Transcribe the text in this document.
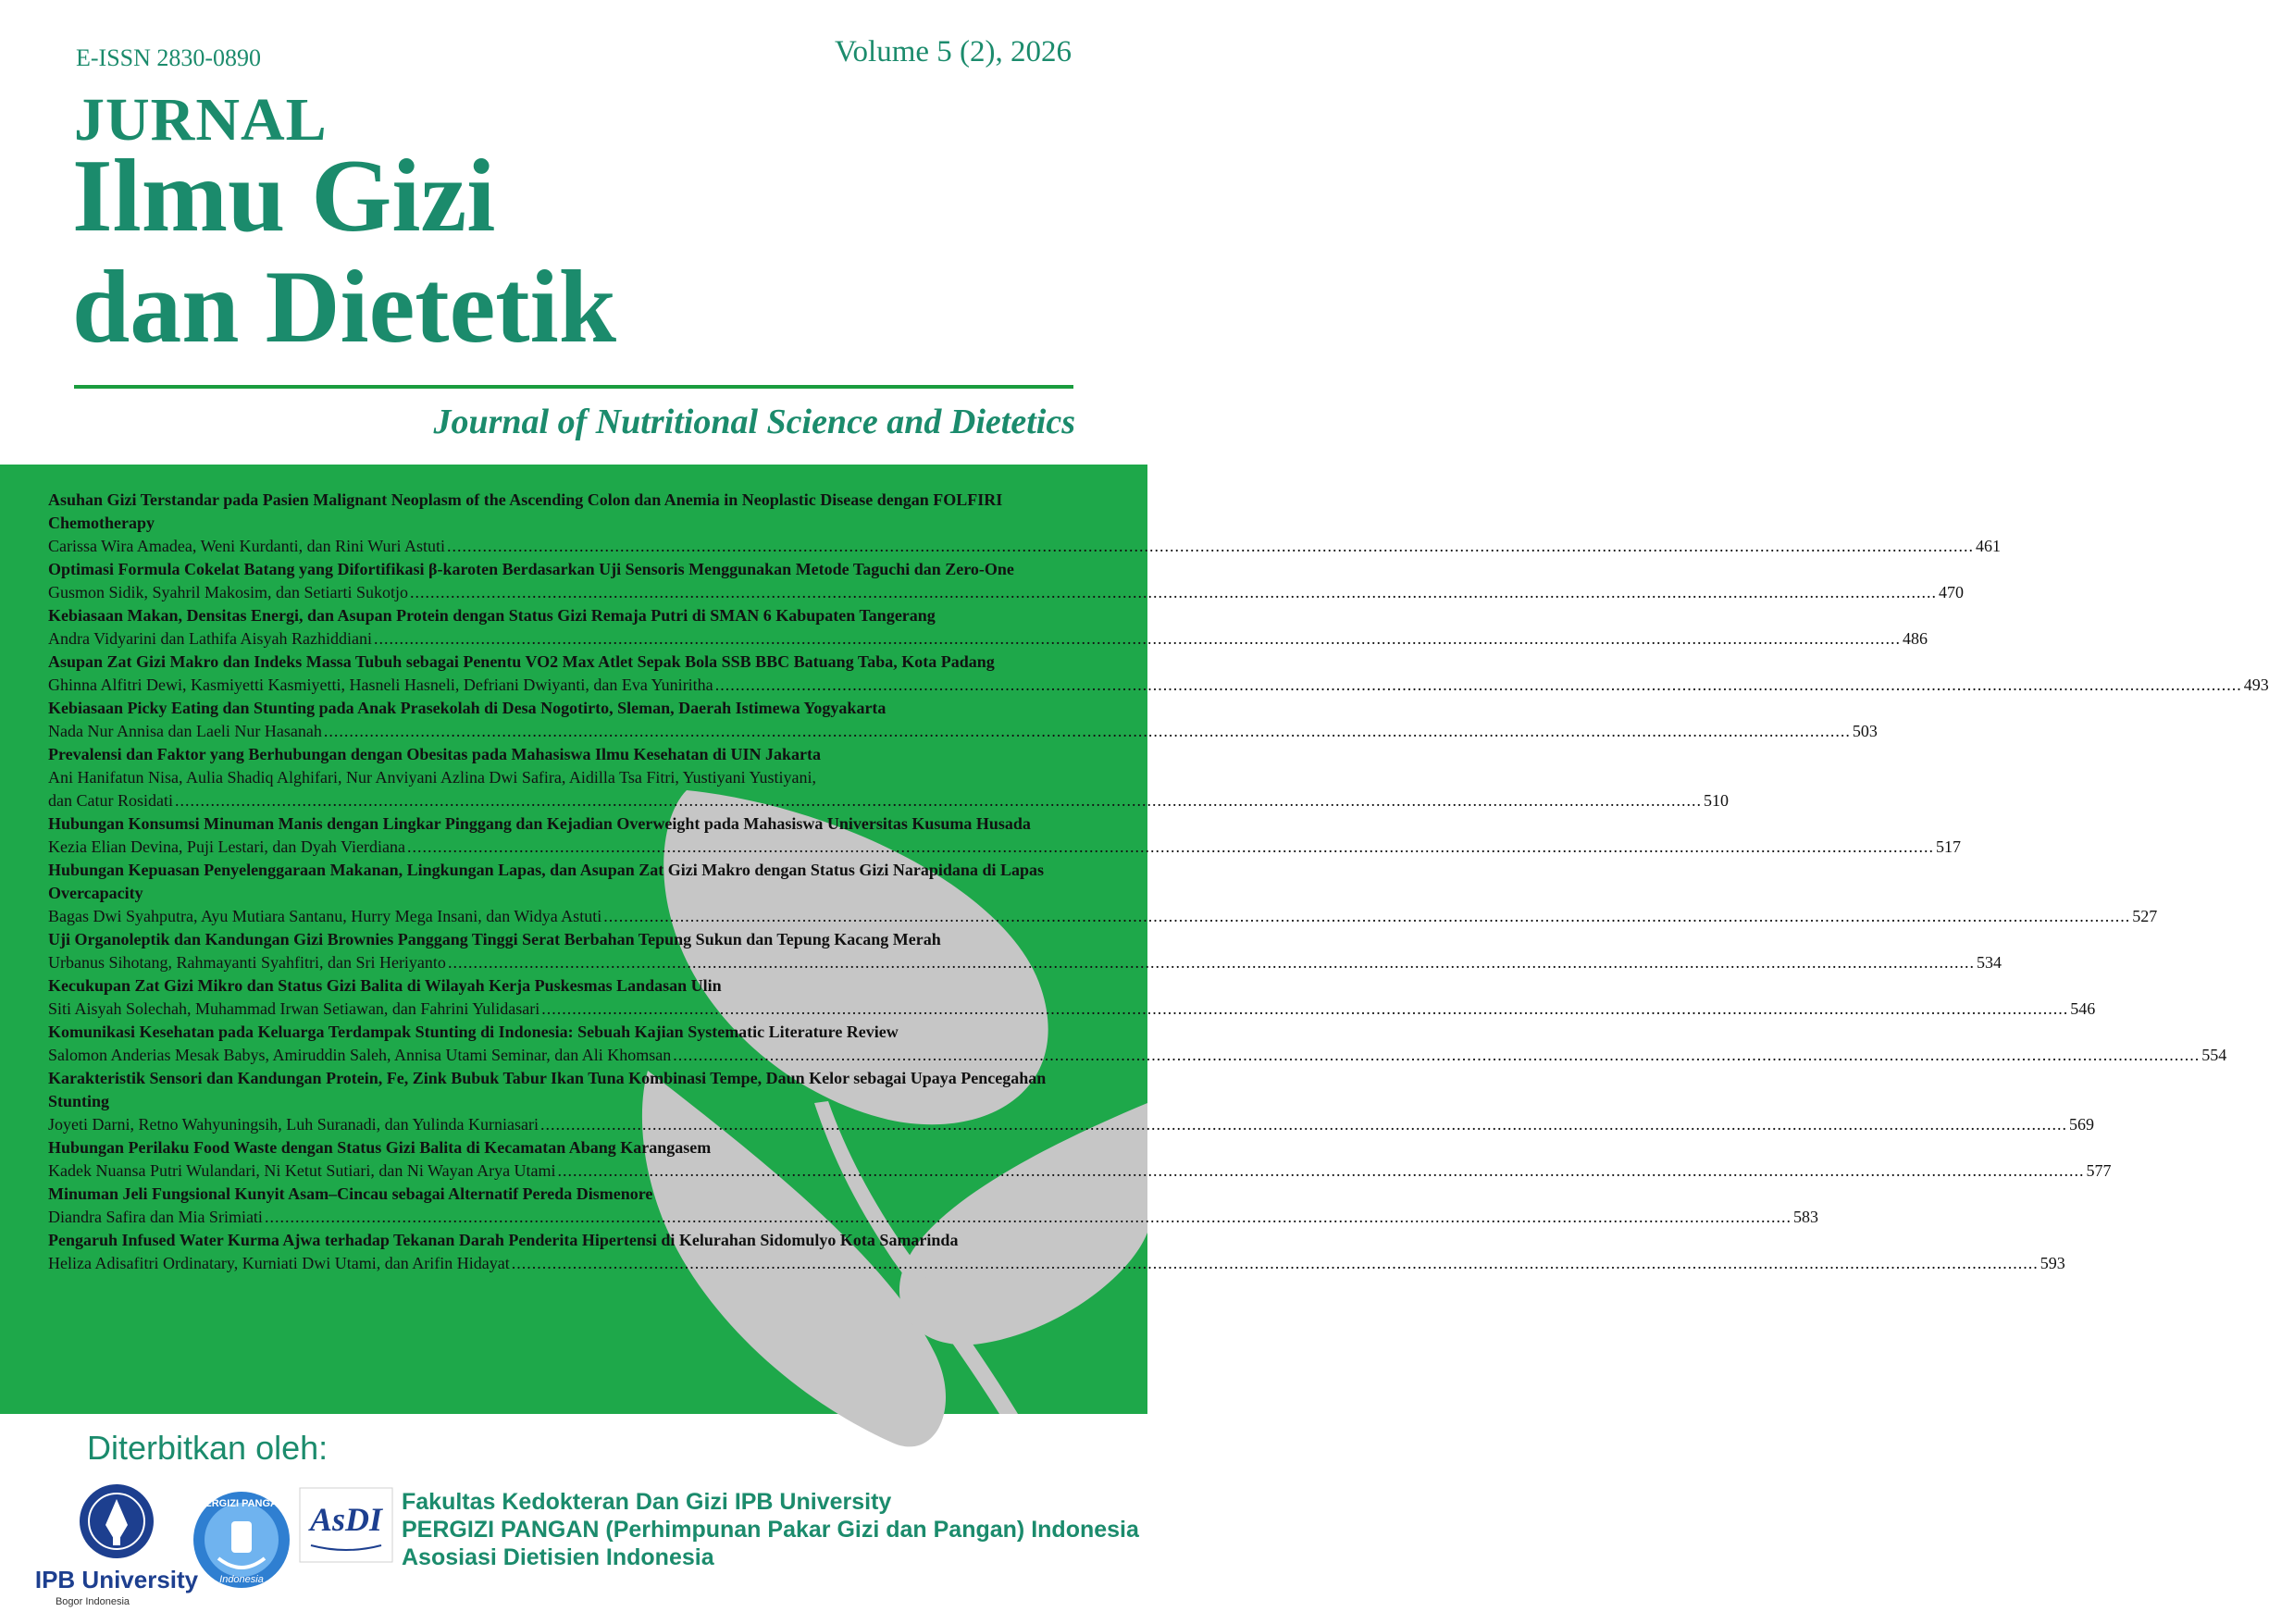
E-ISSN 2830-0890	Volume 5 (2), 2026
JURNAL
Ilmu Gizi
dan Dietetik
Journal of Nutritional Science and Dietetics
Asuhan Gizi Terstandar pada Pasien Malignant Neoplasm of the Ascending Colon dan Anemia in Neoplastic Disease dengan FOLFIRI Chemotherapy
Carissa Wira Amadea, Weni Kurdanti, dan Rini Wuri Astuti ............................................................................................................................................................................................................................................................................................................ 461
Optimasi Formula Cokelat Batang yang Difortifikasi β-karoten Berdasarkan Uji Sensoris Menggunakan Metode Taguchi dan Zero-One
Gusmon Sidik, Syahril Makosim, dan Setiarti Sukotjo ............................................................................................................................................................................................................................................................................................................ 470
Kebiasaan Makan, Densitas Energi, dan Asupan Protein dengan Status Gizi Remaja Putri di SMAN 6 Kabupaten Tangerang
Andra Vidyarini dan Lathifa Aisyah Razhiddiani ............................................................................................................................................................................................................................................................................................................ 486
Asupan Zat Gizi Makro dan Indeks Massa Tubuh sebagai Penentu VO2 Max Atlet Sepak Bola SSB BBC Batuang Taba, Kota Padang
Ghinna Alfitri Dewi, Kasmiyetti Kasmiyetti, Hasneli Hasneli, Defriani Dwiyanti, dan Eva Yuniritha ............................................................................................................................................................................................................................................................................................................ 493
Kebiasaan Picky Eating dan Stunting pada Anak Prasekolah di Desa Nogotirto, Sleman, Daerah Istimewa Yogyakarta
Nada Nur Annisa dan Laeli Nur Hasanah ............................................................................................................................................................................................................................................................................................................ 503
Prevalensi dan Faktor yang Berhubungan dengan Obesitas pada Mahasiswa Ilmu Kesehatan di UIN Jakarta
Ani Hanifatun Nisa, Aulia Shadiq Alghifari, Nur Anviyani Azlina Dwi Safira, Aidilla Tsa Fitri, Yustiyani Yustiyani,
dan Catur Rosidati ............................................................................................................................................................................................................................................................................................................ 510
Hubungan Konsumsi Minuman Manis dengan Lingkar Pinggang dan Kejadian Overweight pada Mahasiswa Universitas Kusuma Husada
Kezia Elian Devina, Puji Lestari, dan Dyah Vierdiana ............................................................................................................................................................................................................................................................................................................ 517
Hubungan Kepuasan Penyelenggaraan Makanan, Lingkungan Lapas, dan Asupan Zat Gizi Makro dengan Status Gizi Narapidana di Lapas Overcapacity
Bagas Dwi Syahputra, Ayu Mutiara Santanu, Hurry Mega Insani, dan Widya Astuti ............................................................................................................................................................................................................................................................................................................ 527
Uji Organoleptik dan Kandungan Gizi Brownies Panggang Tinggi Serat Berbahan Tepung Sukun dan Tepung Kacang Merah
Urbanus Sihotang, Rahmayanti Syahfitri, dan Sri Heriyanto ............................................................................................................................................................................................................................................................................................................ 534
Kecukupan Zat Gizi Mikro dan Status Gizi Balita di Wilayah Kerja Puskesmas Landasan Ulin
Siti Aisyah Solechah, Muhammad Irwan Setiawan, dan Fahrini Yulidasari ............................................................................................................................................................................................................................................................................................................ 546
Komunikasi Kesehatan pada Keluarga Terdampak Stunting di Indonesia: Sebuah Kajian Systematic Literature Review
Salomon Anderias Mesak Babys, Amiruddin Saleh, Annisa Utami Seminar, dan Ali Khomsan ............................................................................................................................................................................................................................................................................................................ 554
Karakteristik Sensori dan Kandungan Protein, Fe, Zink Bubuk Tabur Ikan Tuna Kombinasi Tempe, Daun Kelor sebagai Upaya Pencegahan Stunting
Joyeti Darni, Retno Wahyuningsih, Luh Suranadi, dan Yulinda Kurniasari ............................................................................................................................................................................................................................................................................................................ 569
Hubungan Perilaku Food Waste dengan Status Gizi Balita di Kecamatan Abang Karangasem
Kadek Nuansa Putri Wulandari, Ni Ketut Sutiari, dan Ni Wayan Arya Utami ............................................................................................................................................................................................................................................................................................................ 577
Minuman Jeli Fungsional Kunyit Asam–Cincau sebagai Alternatif Pereda Dismenore
Diandra Safira dan Mia Srimiati ............................................................................................................................................................................................................................................................................................................ 583
Pengaruh Infused Water Kurma Ajwa terhadap Tekanan Darah Penderita Hipertensi di Kelurahan Sidomulyo Kota Samarinda
Heliza Adisafitri Ordinatary, Kurniati Dwi Utami, dan Arifin Hidayat ............................................................................................................................................................................................................................................................................................................ 593
Diterbitkan oleh:
IPB University
Bogor Indonesia
PERGIZI PANGAN
Indonesia
AsDI Fakultas Kedokteran Dan Gizi IPB University
PERGIZI PANGAN (Perhimpunan Pakar Gizi dan Pangan) Indonesia
Asosiasi Dietisien Indonesia
